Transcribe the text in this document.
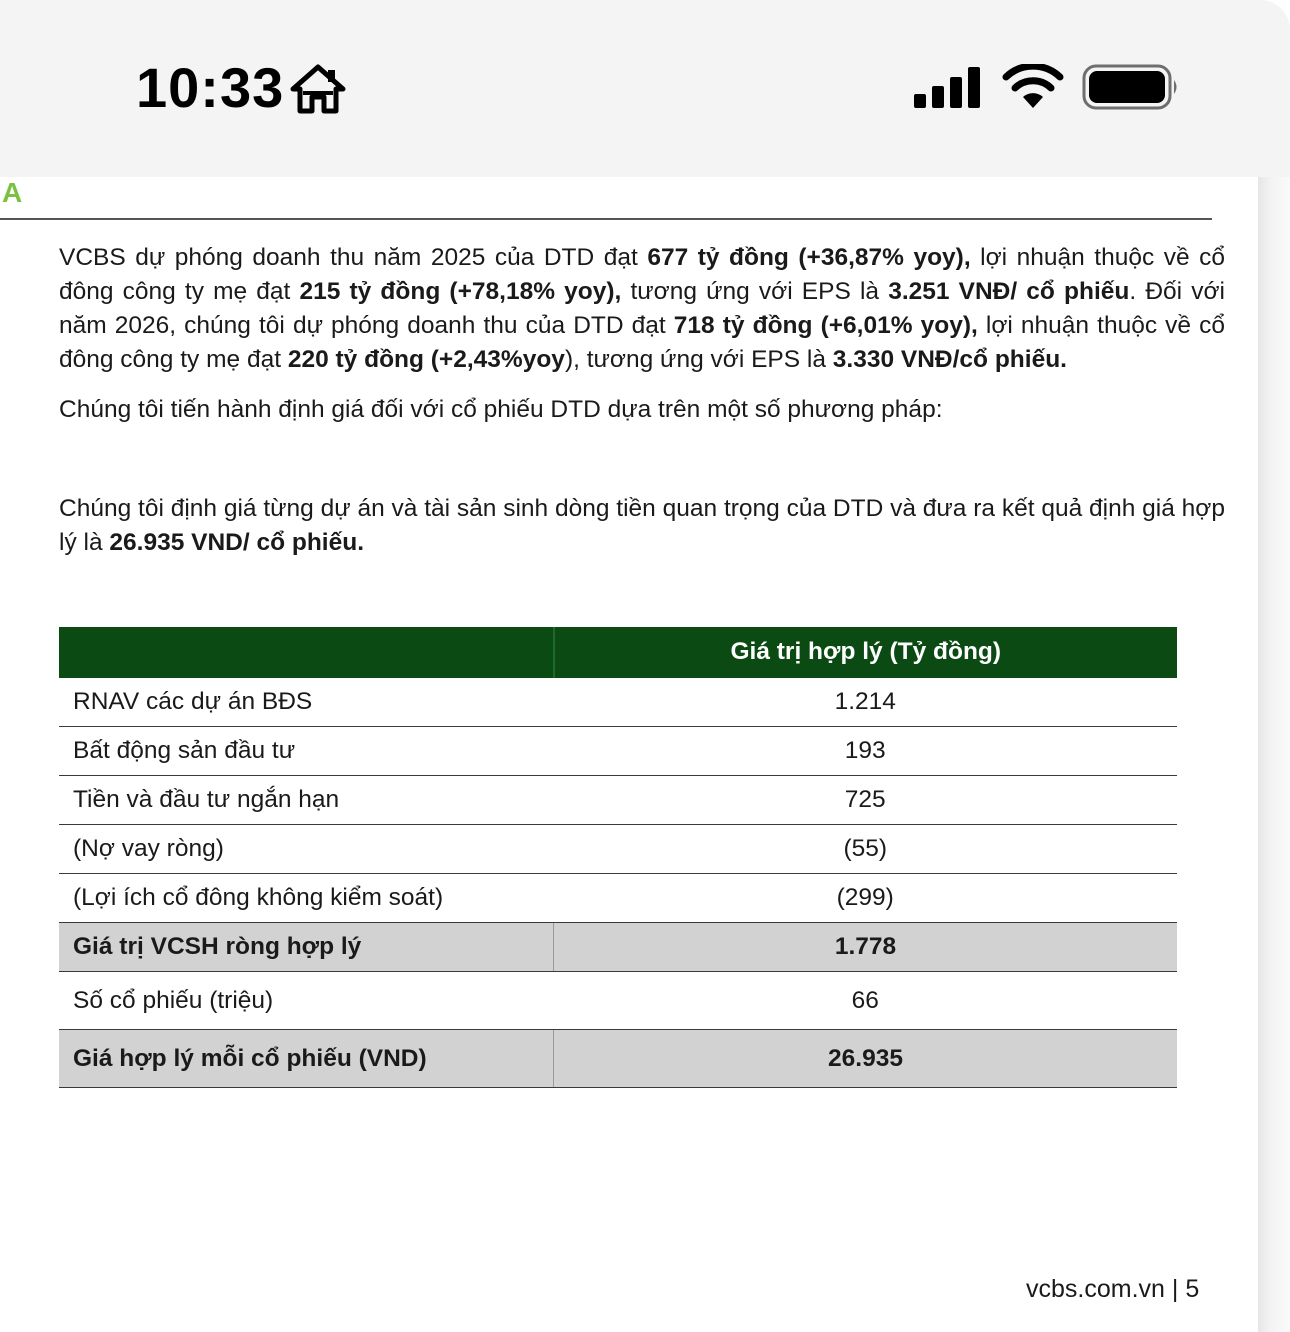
10:33
A

VCBS dự phóng doanh thu năm 2025 của DTD đạt 677 tỷ đồng (+36,87% yoy), lợi nhuận thuộc về cổ đông công ty mẹ đạt 215 tỷ đồng (+78,18% yoy), tương ứng với EPS là 3.251 VNĐ/ cổ phiếu. Đối với năm 2026, chúng tôi dự phóng doanh thu của DTD đạt 718 tỷ đồng (+6,01% yoy), lợi nhuận thuộc về cổ đông công ty mẹ đạt 220 tỷ đồng (+2,43%yoy), tương ứng với EPS là 3.330 VNĐ/cổ phiếu.

Chúng tôi tiến hành định giá đối với cổ phiếu DTD dựa trên một số phương pháp:

Chúng tôi định giá từng dự án và tài sản sinh dòng tiền quan trọng của DTD và đưa ra kết quả định giá hợp lý là 26.935 VND/ cổ phiếu.

	Giá trị hợp lý (Tỷ đồng)
RNAV các dự án BĐS	1.214
Bất động sản đầu tư	193
Tiền và đầu tư ngắn hạn	725
(Nợ vay ròng)	(55)
(Lợi ích cổ đông không kiểm soát)	(299)
Giá trị VCSH ròng hợp lý	1.778
Số cổ phiếu (triệu)	66
Giá hợp lý mỗi cổ phiếu (VND)	26.935
vcbs.com.vn | 5
